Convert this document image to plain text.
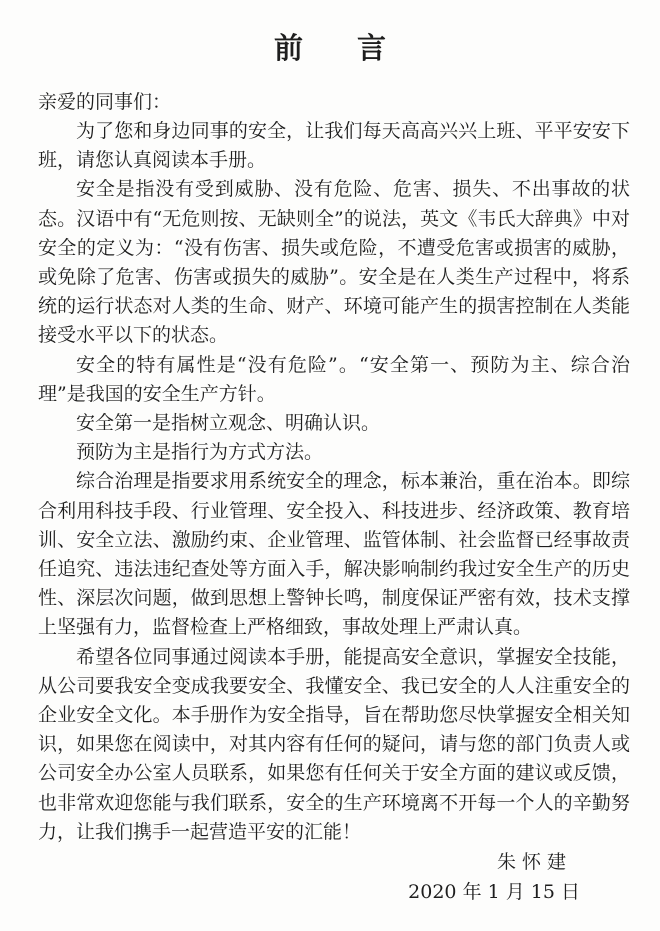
前 言

亲爱的同事们：

为了您和身边同事的安全，让我们每天高高兴兴上班、平平安安下班，请您认真阅读本手册。

安全是指没有受到威胁、没有危险、危害、损失、不出事故的状态。汉语中有“无危则按、无缺则全”的说法，英文《韦氏大辞典》中对安全的定义为：“没有伤害、损失或危险，不遭受危害或损害的威胁，或免除了危害、伤害或损失的威胁”。安全是在人类生产过程中，将系统的运行状态对人类的生命、财产、环境可能产生的损害控制在人类能接受水平以下的状态。

安全的特有属性是“没有危险”。“安全第一、预防为主、综合治理”是我国的安全生产方针。

安全第一是指树立观念、明确认识。

预防为主是指行为方式方法。

综合治理是指要求用系统安全的理念，标本兼治，重在治本。即综合利用科技手段、行业管理、安全投入、科技进步、经济政策、教育培训、安全立法、激励约束、企业管理、监管体制、社会监督已经事故责任追究、违法违纪查处等方面入手，解决影响制约我过安全生产的历史性、深层次问题，做到思想上警钟长鸣，制度保证严密有效，技术支撑上坚强有力，监督检查上严格细致，事故处理上严肃认真。

希望各位同事通过阅读本手册，能提高安全意识，掌握安全技能，从公司要我安全变成我要安全、我懂安全、我已安全的人人注重安全的企业安全文化。本手册作为安全指导，旨在帮助您尽快掌握安全相关知识，如果您在阅读中，对其内容有任何的疑问，请与您的部门负责人或公司安全办公室人员联系，如果您有任何关于安全方面的建议或反馈，也非常欢迎您能与我们联系，安全的生产环境离不开每一个人的辛勤努力，让我们携手一起营造平安的汇能！

朱怀建

2020 年 1 月 15 日
